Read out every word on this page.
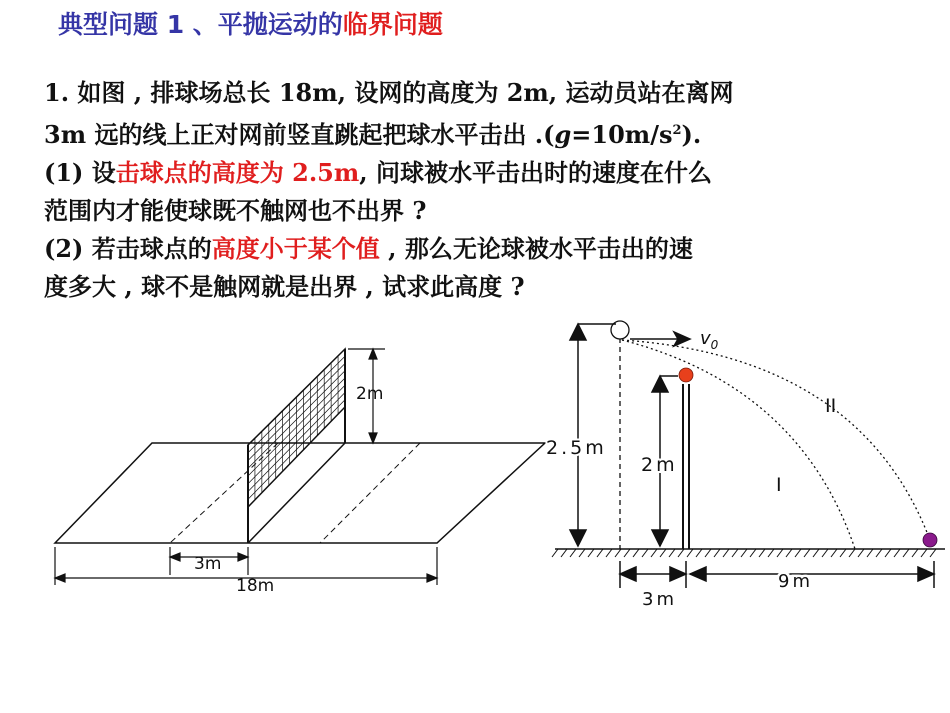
典型问题 1 、平抛运动的临界问题
1. 如图 , 排球场总长 18m, 设网的高度为 2m, 运动员站在离网
3m 远的线上正对网前竖直跳起把球水平击出 $.(g=10m/s^2)$.
(1) 设击球点的高度为 2.5m, 问球被水平击出时的速度在什么
范围内才能使球既不触网也不出界 ?
(2) 若击球点的高度小于某个值 , 那么无论球被水平击出的速
度多大 , 球不是触网就是出界 , 试求此高度 ?
2m
3m
18m
2.5m
2m
$v_0$
I
II
3m
9m
